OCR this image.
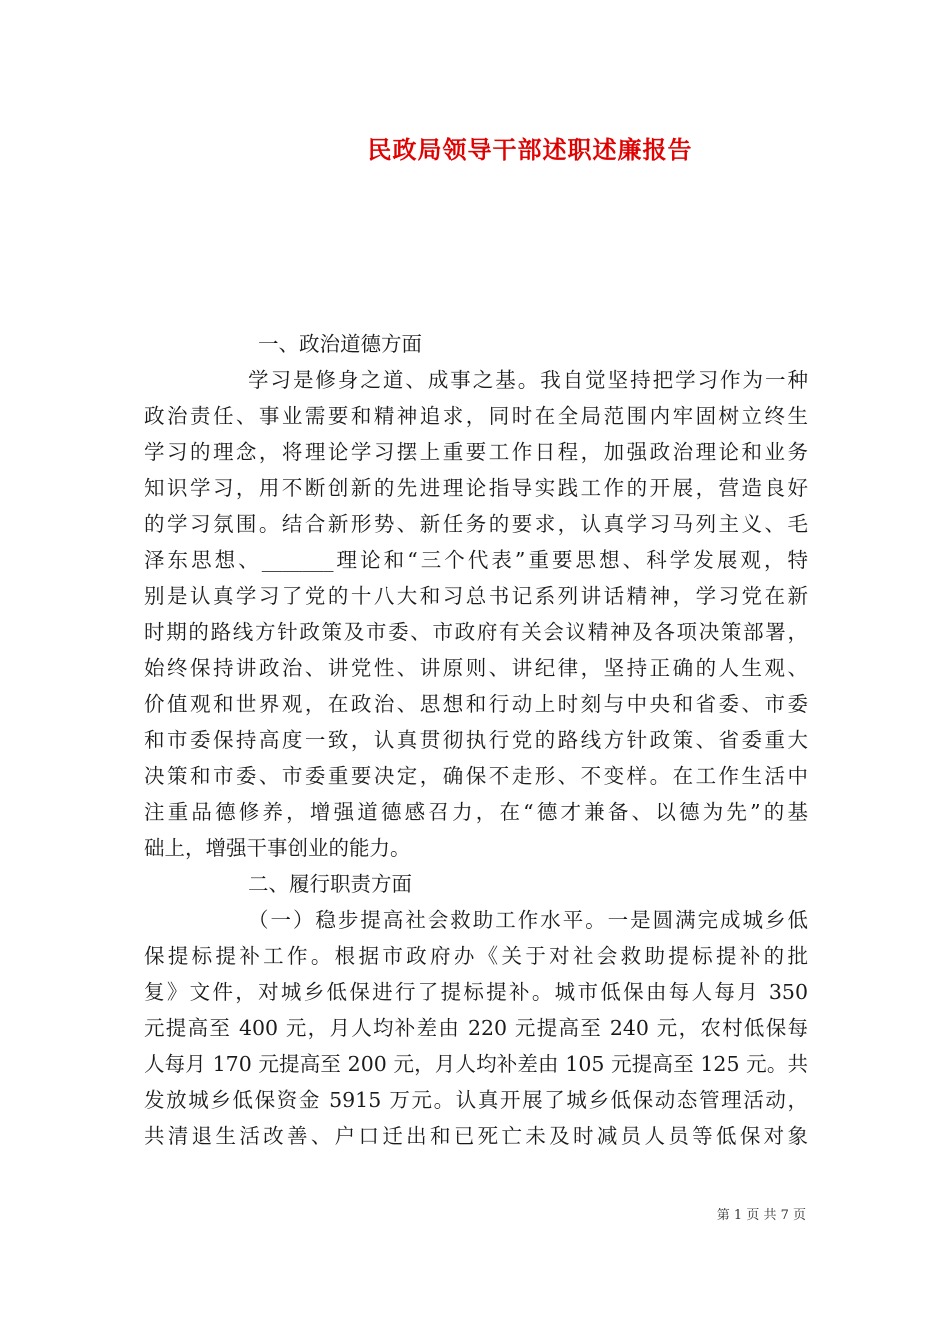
民政局领导干部述职述廉报告
一、政治道德方面
学习是修身之道、成事之基。我自觉坚持把学习作为一种
政治责任、事业需要和精神追求，同时在全局范围内牢固树立终生
学习的理念，将理论学习摆上重要工作日程，加强政治理论和业务
知识学习，用不断创新的先进理论指导实践工作的开展，营造良好
的学习氛围。结合新形势、新任务的要求，认真学习马列主义、毛
泽东思想、_______理论和“三个代表”重要思想、科学发展观，特
别是认真学习了党的十八大和习总书记系列讲话精神，学习党在新
时期的路线方针政策及市委、市政府有关会议精神及各项决策部署，
始终保持讲政治、讲党性、讲原则、讲纪律，坚持正确的人生观、
价值观和世界观，在政治、思想和行动上时刻与中央和省委、市委
和市委保持高度一致，认真贯彻执行党的路线方针政策、省委重大
决策和市委、市委重要决定，确保不走形、不变样。在工作生活中
注重品德修养，增强道德感召力，在“德才兼备、以德为先”的基
础上，增强干事创业的能力。
二、履行职责方面
（一）稳步提高社会救助工作水平。一是圆满完成城乡低
保提标提补工作。根据市政府办《关于对社会救助提标提补的批
复》文件，对城乡低保进行了提标提补。城市低保由每人每月 350
元提高至 400 元，月人均补差由 220 元提高至 240 元，农村低保每
人每月 170 元提高至 200 元，月人均补差由 105 元提高至 125 元。共
发放城乡低保资金 5915 万元。认真开展了城乡低保动态管理活动，
共清退生活改善、户口迁出和已死亡未及时减员人员等低保对象
第 1 页 共 7 页
